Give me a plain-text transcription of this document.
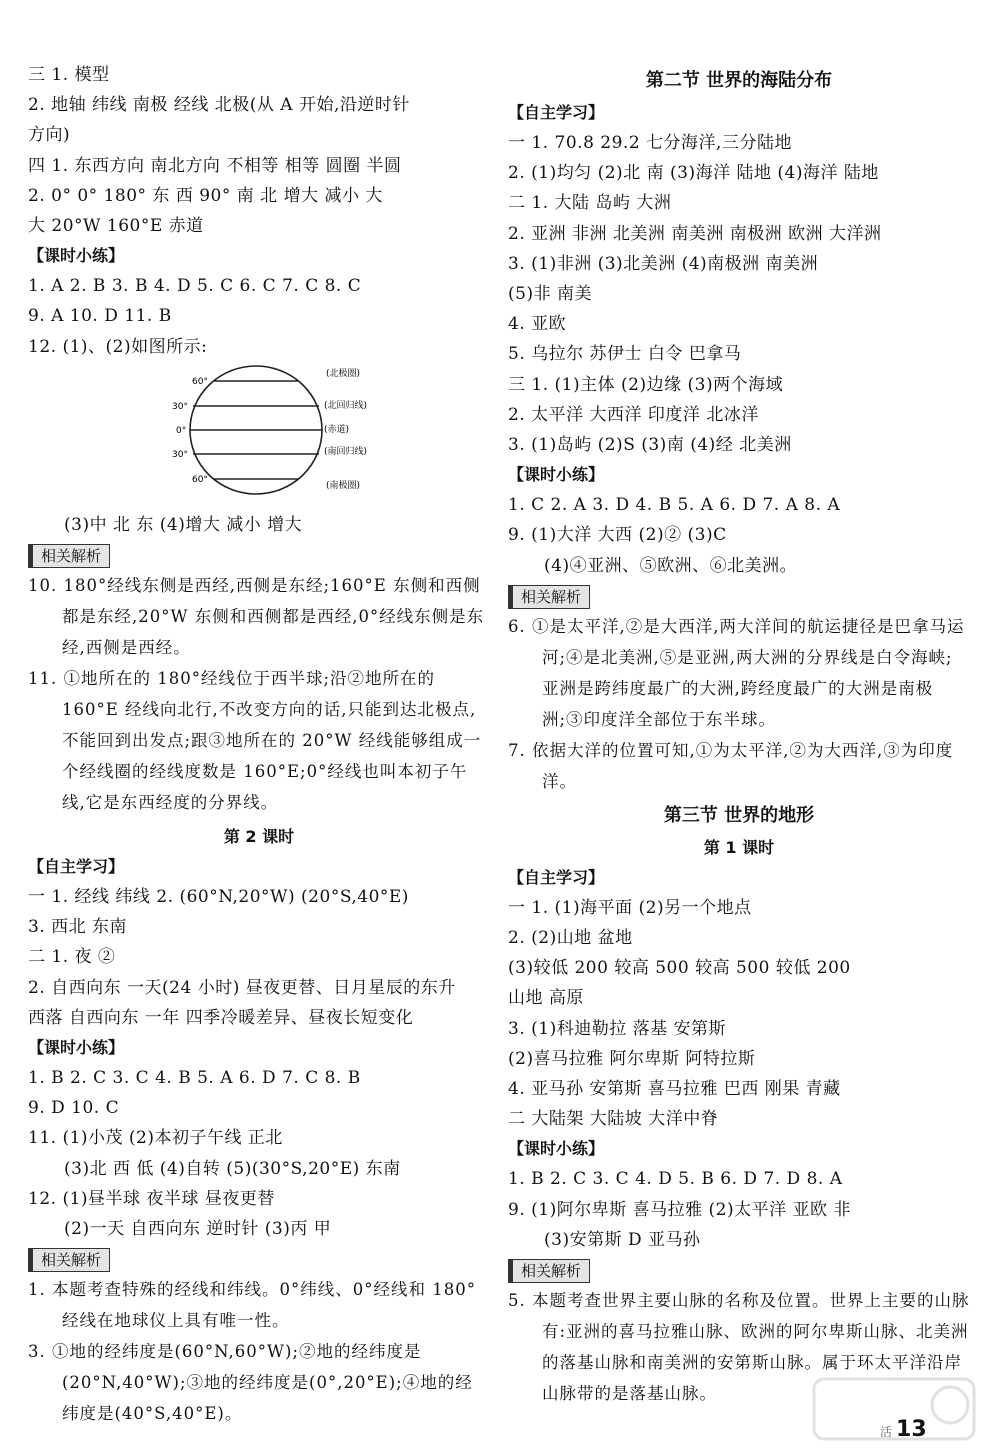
三 1. 模型
2. 地轴 纬线 南极 经线 北极(从 A 开始,沿逆时针
方向)
四 1. 东西方向 南北方向 不相等 相等 圆圈 半圆
2. 0° 0° 180° 东 西 90° 南 北 增大 减小 大
大 20°W 160°E 赤道
【课时小练】
1. A 2. B 3. B 4. D 5. C 6. C 7. C 8. C
9. A 10. D 11. B
12. (1)、(2)如图所示:
60°
30°
0°
30°
60°
(北极圈)
(北回归线)
(赤道)
(南回归线)
(南极圈)
(3)中 北 东 (4)增大 减小 增大
相关解析
10. 180°经线东侧是西经,西侧是东经;160°E 东侧和西侧都是东经,20°W 东侧和西侧都是西经,0°经线东侧是东经,西侧是西经。
11. ①地所在的 180°经线位于西半球;沿②地所在的 160°E 经线向北行,不改变方向的话,只能到达北极点,不能回到出发点;跟③地所在的 20°W 经线能够组成一个经线圈的经线度数是 160°E;0°经线也叫本初子午线,它是东西经度的分界线。
第 2 课时
【自主学习】
一 1. 经线 纬线 2. (60°N,20°W) (20°S,40°E)
3. 西北 东南
二 1. 夜 ②
2. 自西向东 一天(24 小时) 昼夜更替、日月星辰的东升
西落 自西向东 一年 四季冷暖差异、昼夜长短变化
【课时小练】
1. B 2. C 3. C 4. B 5. A 6. D 7. C 8. B
9. D 10. C
11. (1)小茂 (2)本初子午线 正北
(3)北 西 低 (4)自转 (5)(30°S,20°E) 东南
12. (1)昼半球 夜半球 昼夜更替
(2)一天 自西向东 逆时针 (3)丙 甲
相关解析
1. 本题考查特殊的经线和纬线。0°纬线、0°经线和 180°经线在地球仪上具有唯一性。
3. ①地的经纬度是(60°N,60°W);②地的经纬度是(20°N,40°W);③地的经纬度是(0°,20°E);④地的经纬度是(40°S,40°E)。
第二节 世界的海陆分布
【自主学习】
一 1. 70.8 29.2 七分海洋,三分陆地
2. (1)均匀 (2)北 南 (3)海洋 陆地 (4)海洋 陆地
二 1. 大陆 岛屿 大洲
2. 亚洲 非洲 北美洲 南美洲 南极洲 欧洲 大洋洲
3. (1)非洲 (3)北美洲 (4)南极洲 南美洲
(5)非 南美
4. 亚欧
5. 乌拉尔 苏伊士 白令 巴拿马
三 1. (1)主体 (2)边缘 (3)两个海域
2. 太平洋 大西洋 印度洋 北冰洋
3. (1)岛屿 (2)S (3)南 (4)经 北美洲
【课时小练】
1. C 2. A 3. D 4. B 5. A 6. D 7. A 8. A
9. (1)大洋 大西 (2)② (3)C
(4)④亚洲、⑤欧洲、⑥北美洲。
相关解析
6. ①是太平洋,②是大西洋,两大洋间的航运捷径是巴拿马运河;④是北美洲,⑤是亚洲,两大洲的分界线是白令海峡;亚洲是跨纬度最广的大洲,跨经度最广的大洲是南极洲;③印度洋全部位于东半球。
7. 依据大洋的位置可知,①为太平洋,②为大西洋,③为印度洋。
第三节 世界的地形
第 1 课时
【自主学习】
一 1. (1)海平面 (2)另一个地点
2. (2)山地 盆地
(3)较低 200 较高 500 较高 500 较低 200
山地 高原
3. (1)科迪勒拉 落基 安第斯
(2)喜马拉雅 阿尔卑斯 阿特拉斯
4. 亚马孙 安第斯 喜马拉雅 巴西 刚果 青藏
二 大陆架 大陆坡 大洋中脊
【课时小练】
1. B 2. C 3. C 4. D 5. B 6. D 7. D 8. A
9. (1)阿尔卑斯 喜马拉雅 (2)太平洋 亚欧 非
(3)安第斯 D 亚马孙
相关解析
5. 本题考查世界主要山脉的名称及位置。世界上主要的山脉有:亚洲的喜马拉雅山脉、欧洲的阿尔卑斯山脉、北美洲的落基山脉和南美洲的安第斯山脉。属于环太平洋沿岸山脉带的是落基山脉。
活 13
